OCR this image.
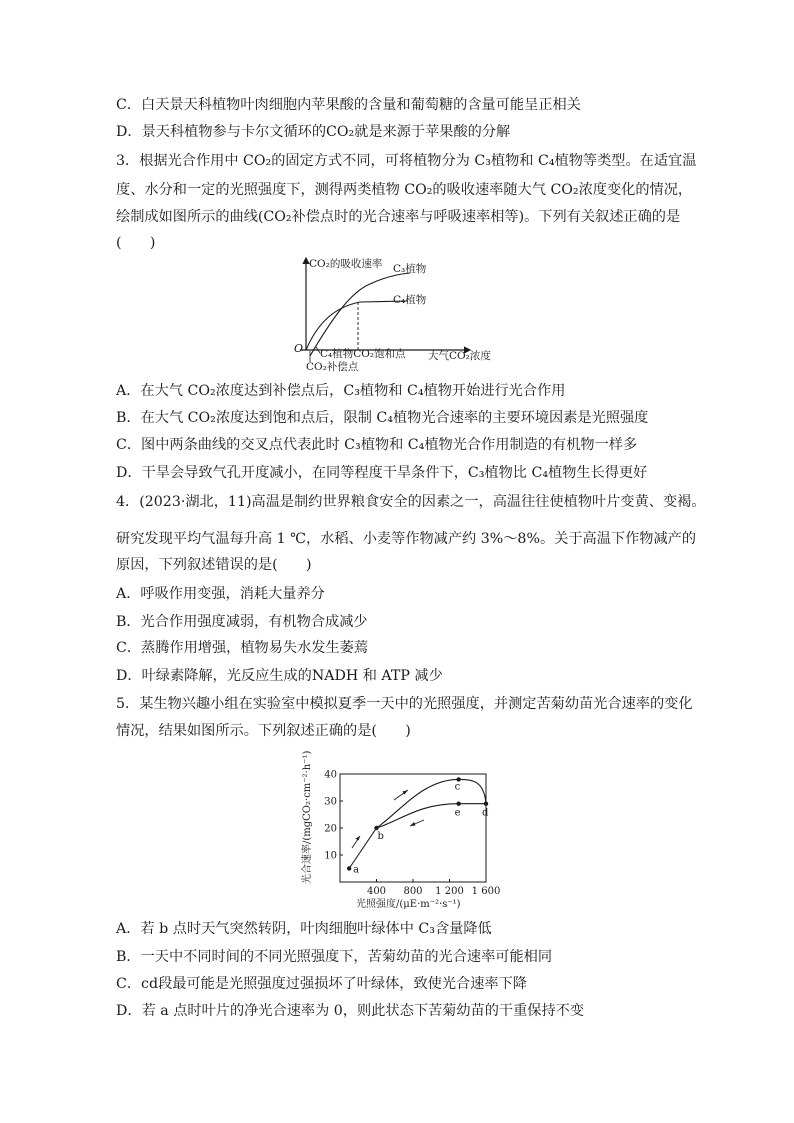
C．白天景天科植物叶肉细胞内苹果酸的含量和葡萄糖的含量可能呈正相关
D．景天科植物参与卡尔文循环的CO₂就是来源于苹果酸的分解
3．根据光合作用中 CO₂的固定方式不同，可将植物分为 C₃植物和 C₄植物等类型。在适宜温
度、水分和一定的光照强度下，测得两类植物 CO₂的吸收速率随大气 CO₂浓度变化的情况，
绘制成如图所示的曲线(CO₂补偿点时的光合速率与呼吸速率相等)。下列有关叙述正确的是
(　　)
CO₂的吸收速率
O
大气CO₂浓度
C₃植物
C₄植物
C₄植物CO₂饱和点
CO₂补偿点
A．在大气 CO₂浓度达到补偿点后，C₃植物和 C₄植物开始进行光合作用
B．在大气 CO₂浓度达到饱和点后，限制 C₄植物光合速率的主要环境因素是光照强度
C．图中两条曲线的交叉点代表此时 C₃植物和 C₄植物光合作用制造的有机物一样多
D．干旱会导致气孔开度减小，在同等程度干旱条件下，C₃植物比 C₄植物生长得更好
4．(2023·湖北，11)高温是制约世界粮食安全的因素之一，高温往往使植物叶片变黄、变褐。
研究发现平均气温每升高 1 ℃，水稻、小麦等作物减产约 3%～8%。关于高温下作物减产的
原因，下列叙述错误的是(　　)
A．呼吸作用变强，消耗大量养分
B．光合作用强度减弱，有机物合成减少
C．蒸腾作用增强，植物易失水发生萎蔫
D．叶绿素降解，光反应生成的NADH 和 ATP 减少
5．某生物兴趣小组在实验室中模拟夏季一天中的光照强度，并测定苦菊幼苗光合速率的变化
情况，结果如图所示。下列叙述正确的是(　　)
400 800 1 200 1 600
10
20
30
40
a
b
c
d
e
光合速率/(mgCO₂·cm⁻²·h⁻¹)
光照强度/(μE·m⁻²·s⁻¹)
A．若 b 点时天气突然转阴，叶肉细胞叶绿体中 C₃含量降低
B．一天中不同时间的不同光照强度下，苦菊幼苗的光合速率可能相同
C．cd段最可能是光照强度过强损坏了叶绿体，致使光合速率下降
D．若 a 点时叶片的净光合速率为 0，则此状态下苦菊幼苗的干重保持不变
